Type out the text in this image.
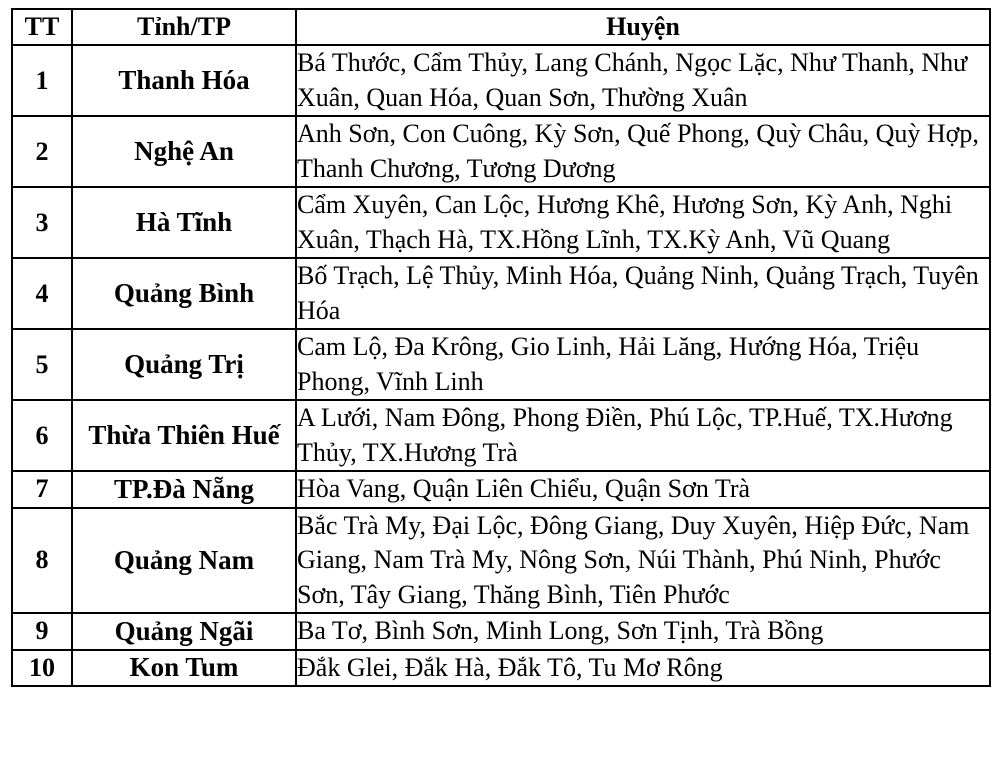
TT	Tỉnh/TP	Huyện
1	Thanh Hóa	Bá Thước, Cẩm Thủy, Lang Chánh, Ngọc Lặc, Như Thanh, Như Xuân, Quan Hóa, Quan Sơn, Thường Xuân
2	Nghệ An	Anh Sơn, Con Cuông, Kỳ Sơn, Quế Phong, Quỳ Châu, Quỳ Hợp, Thanh Chương, Tương Dương
3	Hà Tĩnh	Cẩm Xuyên, Can Lộc, Hương Khê, Hương Sơn, Kỳ Anh, Nghi Xuân, Thạch Hà, TX.Hồng Lĩnh, TX.Kỳ Anh, Vũ Quang
4	Quảng Bình	Bố Trạch, Lệ Thủy, Minh Hóa, Quảng Ninh, Quảng Trạch, Tuyên Hóa
5	Quảng Trị	Cam Lộ, Đa Krông, Gio Linh, Hải Lăng, Hướng Hóa, Triệu Phong, Vĩnh Linh
6	Thừa Thiên Huế	A Lưới, Nam Đông, Phong Điền, Phú Lộc, TP.Huế, TX.Hương Thủy, TX.Hương Trà
7	TP.Đà Nẵng	Hòa Vang, Quận Liên Chiểu, Quận Sơn Trà
8	Quảng Nam	Bắc Trà My, Đại Lộc, Đông Giang, Duy Xuyên, Hiệp Đức, Nam Giang, Nam Trà My, Nông Sơn, Núi Thành, Phú Ninh, Phước Sơn, Tây Giang, Thăng Bình, Tiên Phước
9	Quảng Ngãi	Ba Tơ, Bình Sơn, Minh Long, Sơn Tịnh, Trà Bồng
10	Kon Tum	Đắk Glei, Đắk Hà, Đắk Tô, Tu Mơ Rông
